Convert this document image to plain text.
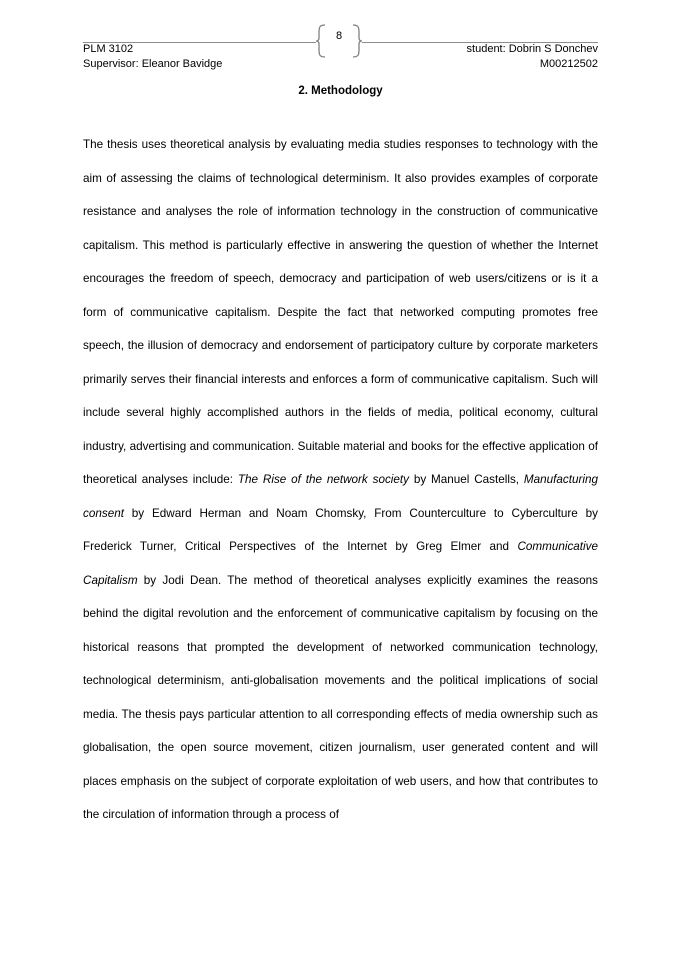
8
PLM 3102
Supervisor: Eleanor Bavidge
student: Dobrin S Donchev
M00212502
2. Methodology

The thesis uses theoretical analysis by evaluating media studies responses to technology with the aim of assessing the claims of technological determinism. It also provides examples of corporate resistance and analyses the role of information technology in the construction of communicative capitalism. This method is particularly effective in answering the question of whether the Internet encourages the freedom of speech, democracy and participation of web users/citizens or is it a form of communicative capitalism. Despite the fact that networked computing promotes free speech, the illusion of democracy and endorsement of participatory culture by corporate marketers primarily serves their financial interests and enforces a form of communicative capitalism. Such will include several highly accomplished authors in the fields of media, political economy, cultural industry, advertising and communication. Suitable material and books for the effective application of theoretical analyses include: The Rise of the network society by Manuel Castells, Manufacturing consent by Edward Herman and Noam Chomsky, From Counterculture to Cyberculture by Frederick Turner, Critical Perspectives of the Internet by Greg Elmer and Communicative Capitalism by Jodi Dean. The method of theoretical analyses explicitly examines the reasons behind the digital revolution and the enforcement of communicative capitalism by focusing on the historical reasons that prompted the development of networked communication technology, technological determinism, anti-globalisation movements and the political implications of social media. The thesis pays particular attention to all corresponding effects of media ownership such as globalisation, the open source movement, citizen journalism, user generated content and will places emphasis on the subject of corporate exploitation of web users, and how that contributes to the circulation of information through a process of
